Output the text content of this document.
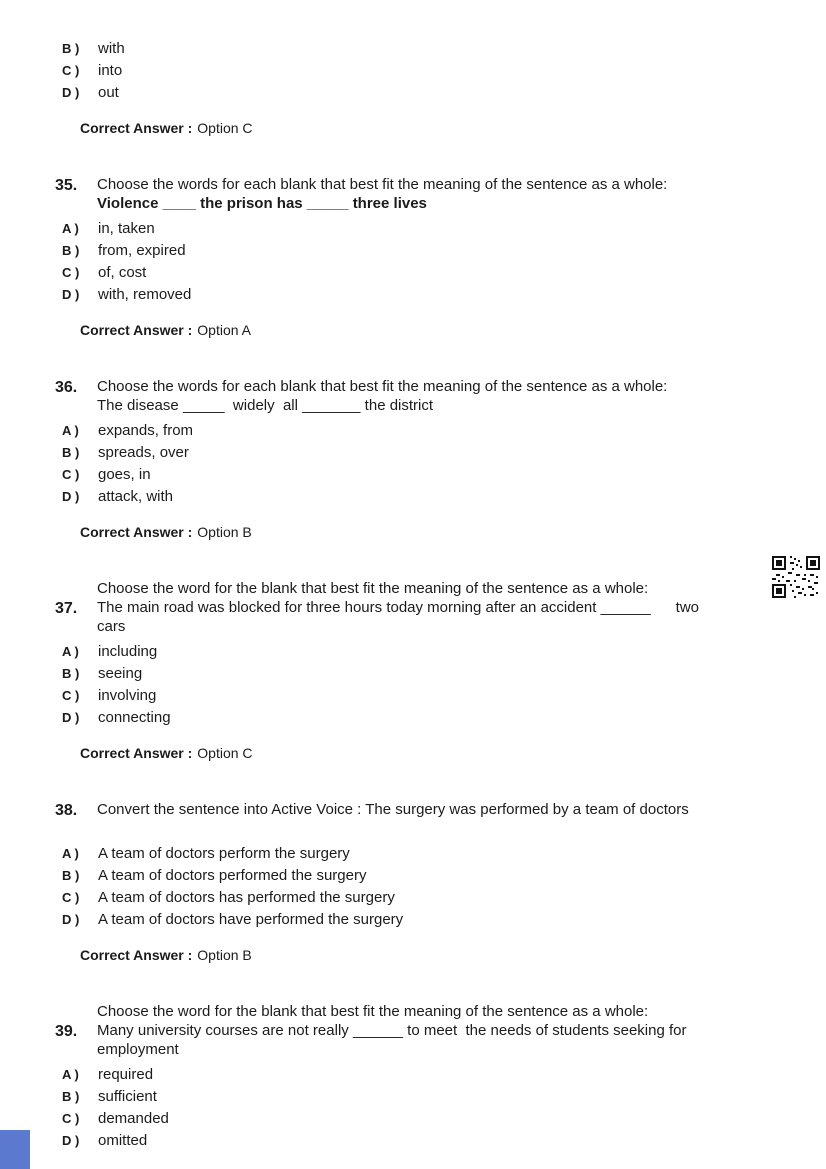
B ) with
C ) into
D ) out
Correct Answer : Option C
35. Choose the words for each blank that best fit the meaning of the sentence as a whole:
Violence ____ the prison has _____ three lives
A ) in, taken
B ) from, expired
C ) of, cost
D ) with, removed
Correct Answer : Option A
36. Choose the words for each blank that best fit the meaning of the sentence as a whole:
The disease _____  widely  all _______ the district
A ) expands, from
B ) spreads, over
C ) goes, in
D ) attack, with
Correct Answer : Option B
37.
Choose the word for the blank that best fit the meaning of the sentence as a whole:
The main road was blocked for three hours today morning after an accident ______      two
cars
A ) including
B ) seeing
C ) involving
D ) connecting
Correct Answer : Option C
38. Convert the sentence into Active Voice : The surgery was performed by a team of doctors
A ) A team of doctors perform the surgery
B ) A team of doctors performed the surgery
C ) A team of doctors has performed the surgery
D ) A team of doctors have performed the surgery
Correct Answer : Option B
39.
Choose the word for the blank that best fit the meaning of the sentence as a whole:
Many university courses are not really ______ to meet  the needs of students seeking for
employment
A ) required
B ) sufficient
C ) demanded
D ) omitted
